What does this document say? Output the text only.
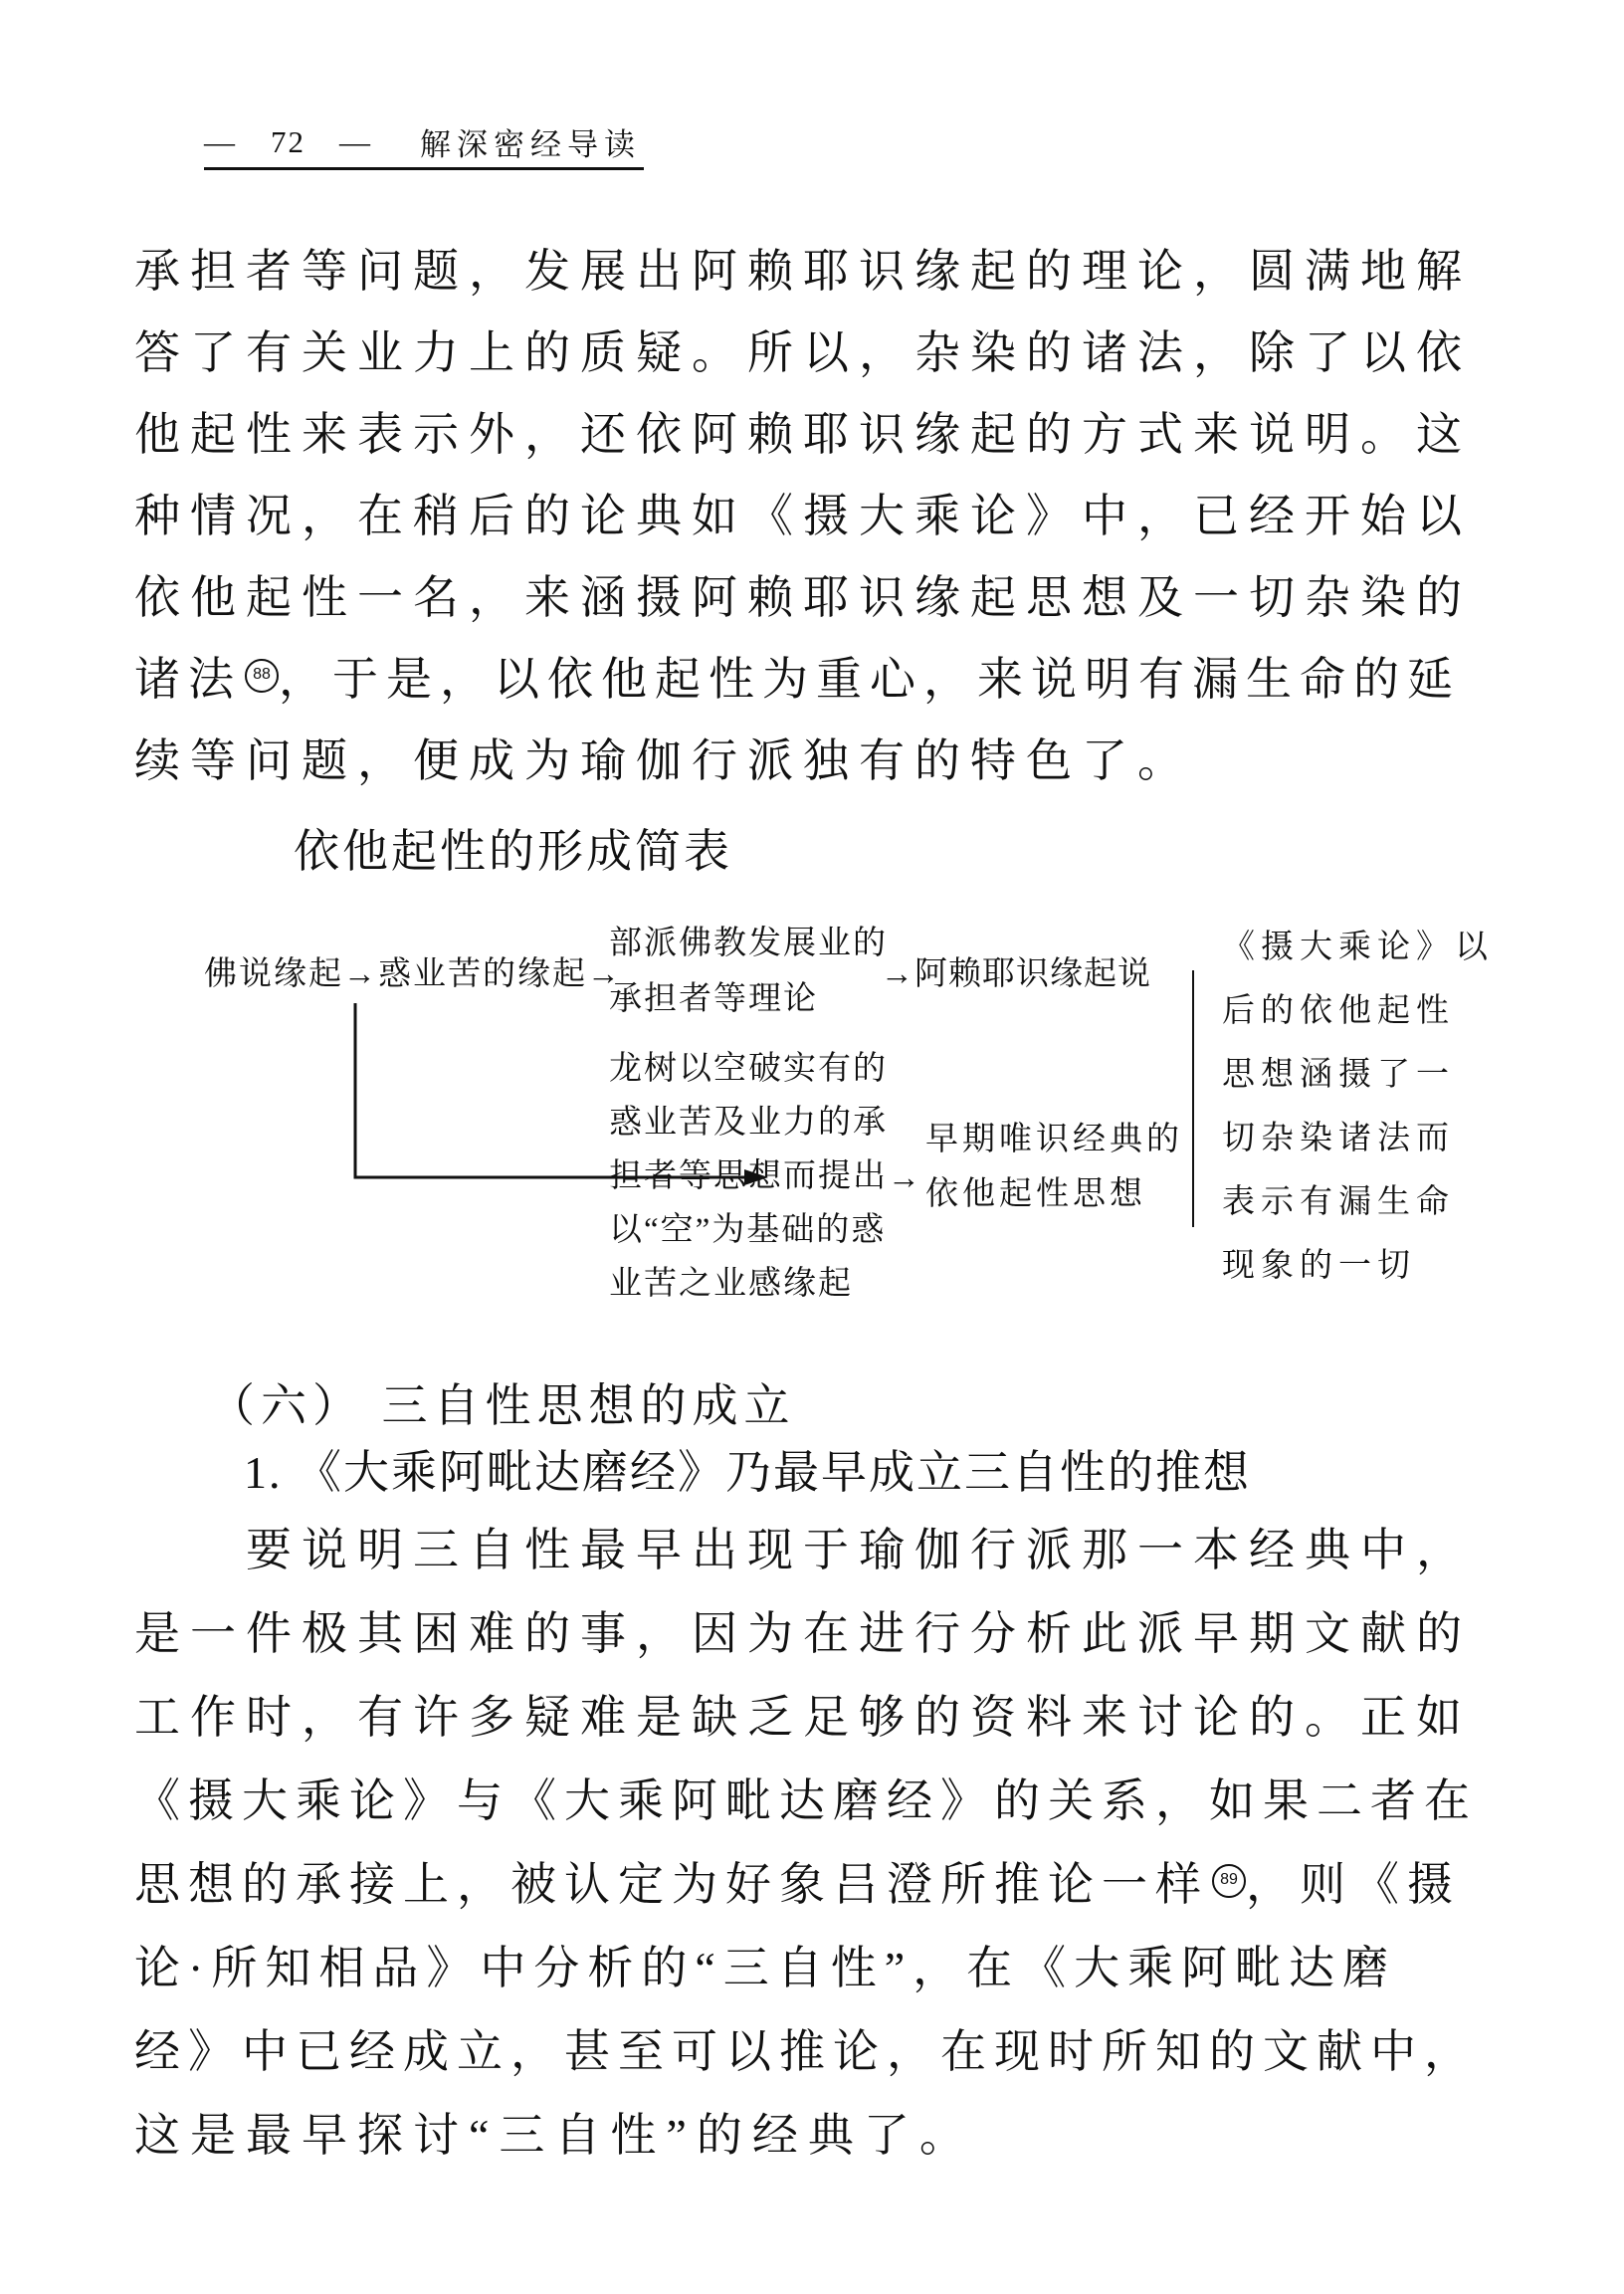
— 72 — 解深密经导读
承担者等问题，发展出阿赖耶识缘起的理论，圆满地解
答了有关业力上的质疑。所以，杂染的诸法，除了以依
他起性来表示外，还依阿赖耶识缘起的方式来说明。这
种情况，在稍后的论典如《摄大乘论》中，已经开始以
依他起性一名，来涵摄阿赖耶识缘起思想及一切杂染的
诸法 88 ，于是，以依他起性为重心，来说明有漏生命的延
续等问题，便成为瑜伽行派独有的特色了。
依他起性的形成简表
佛说缘起→惑业苦的缘起→
部派佛教发展业的
承担者等理论
→阿赖耶识缘起说
龙树以空破实有的
惑业苦及业力的承
担者等思想而提出
以“空”为基础的惑
业苦之业感缘起
→
早期唯识经典的
依他起性思想
《摄大乘论》以
后的依他起性
思想涵摄了一
切杂染诸法而
表示有漏生命
现象的一切
（六） 三自性思想的成立
1. 《大乘阿毗达磨经》乃最早成立三自性的推想
要说明三自性最早出现于瑜伽行派那一本经典中，
是一件极其困难的事，因为在进行分析此派早期文献的
工作时，有许多疑难是缺乏足够的资料来讨论的。正如
《摄大乘论》与《大乘阿毗达磨经》的关系，如果二者在
思想的承接上，被认定为好象吕澄所推论一样 89 ，则《摄
论·所知相品》中分析的“三自性”，在《大乘阿毗达磨
经》中已经成立，甚至可以推论，在现时所知的文献中，
这是最早探讨“三自性”的经典了。
